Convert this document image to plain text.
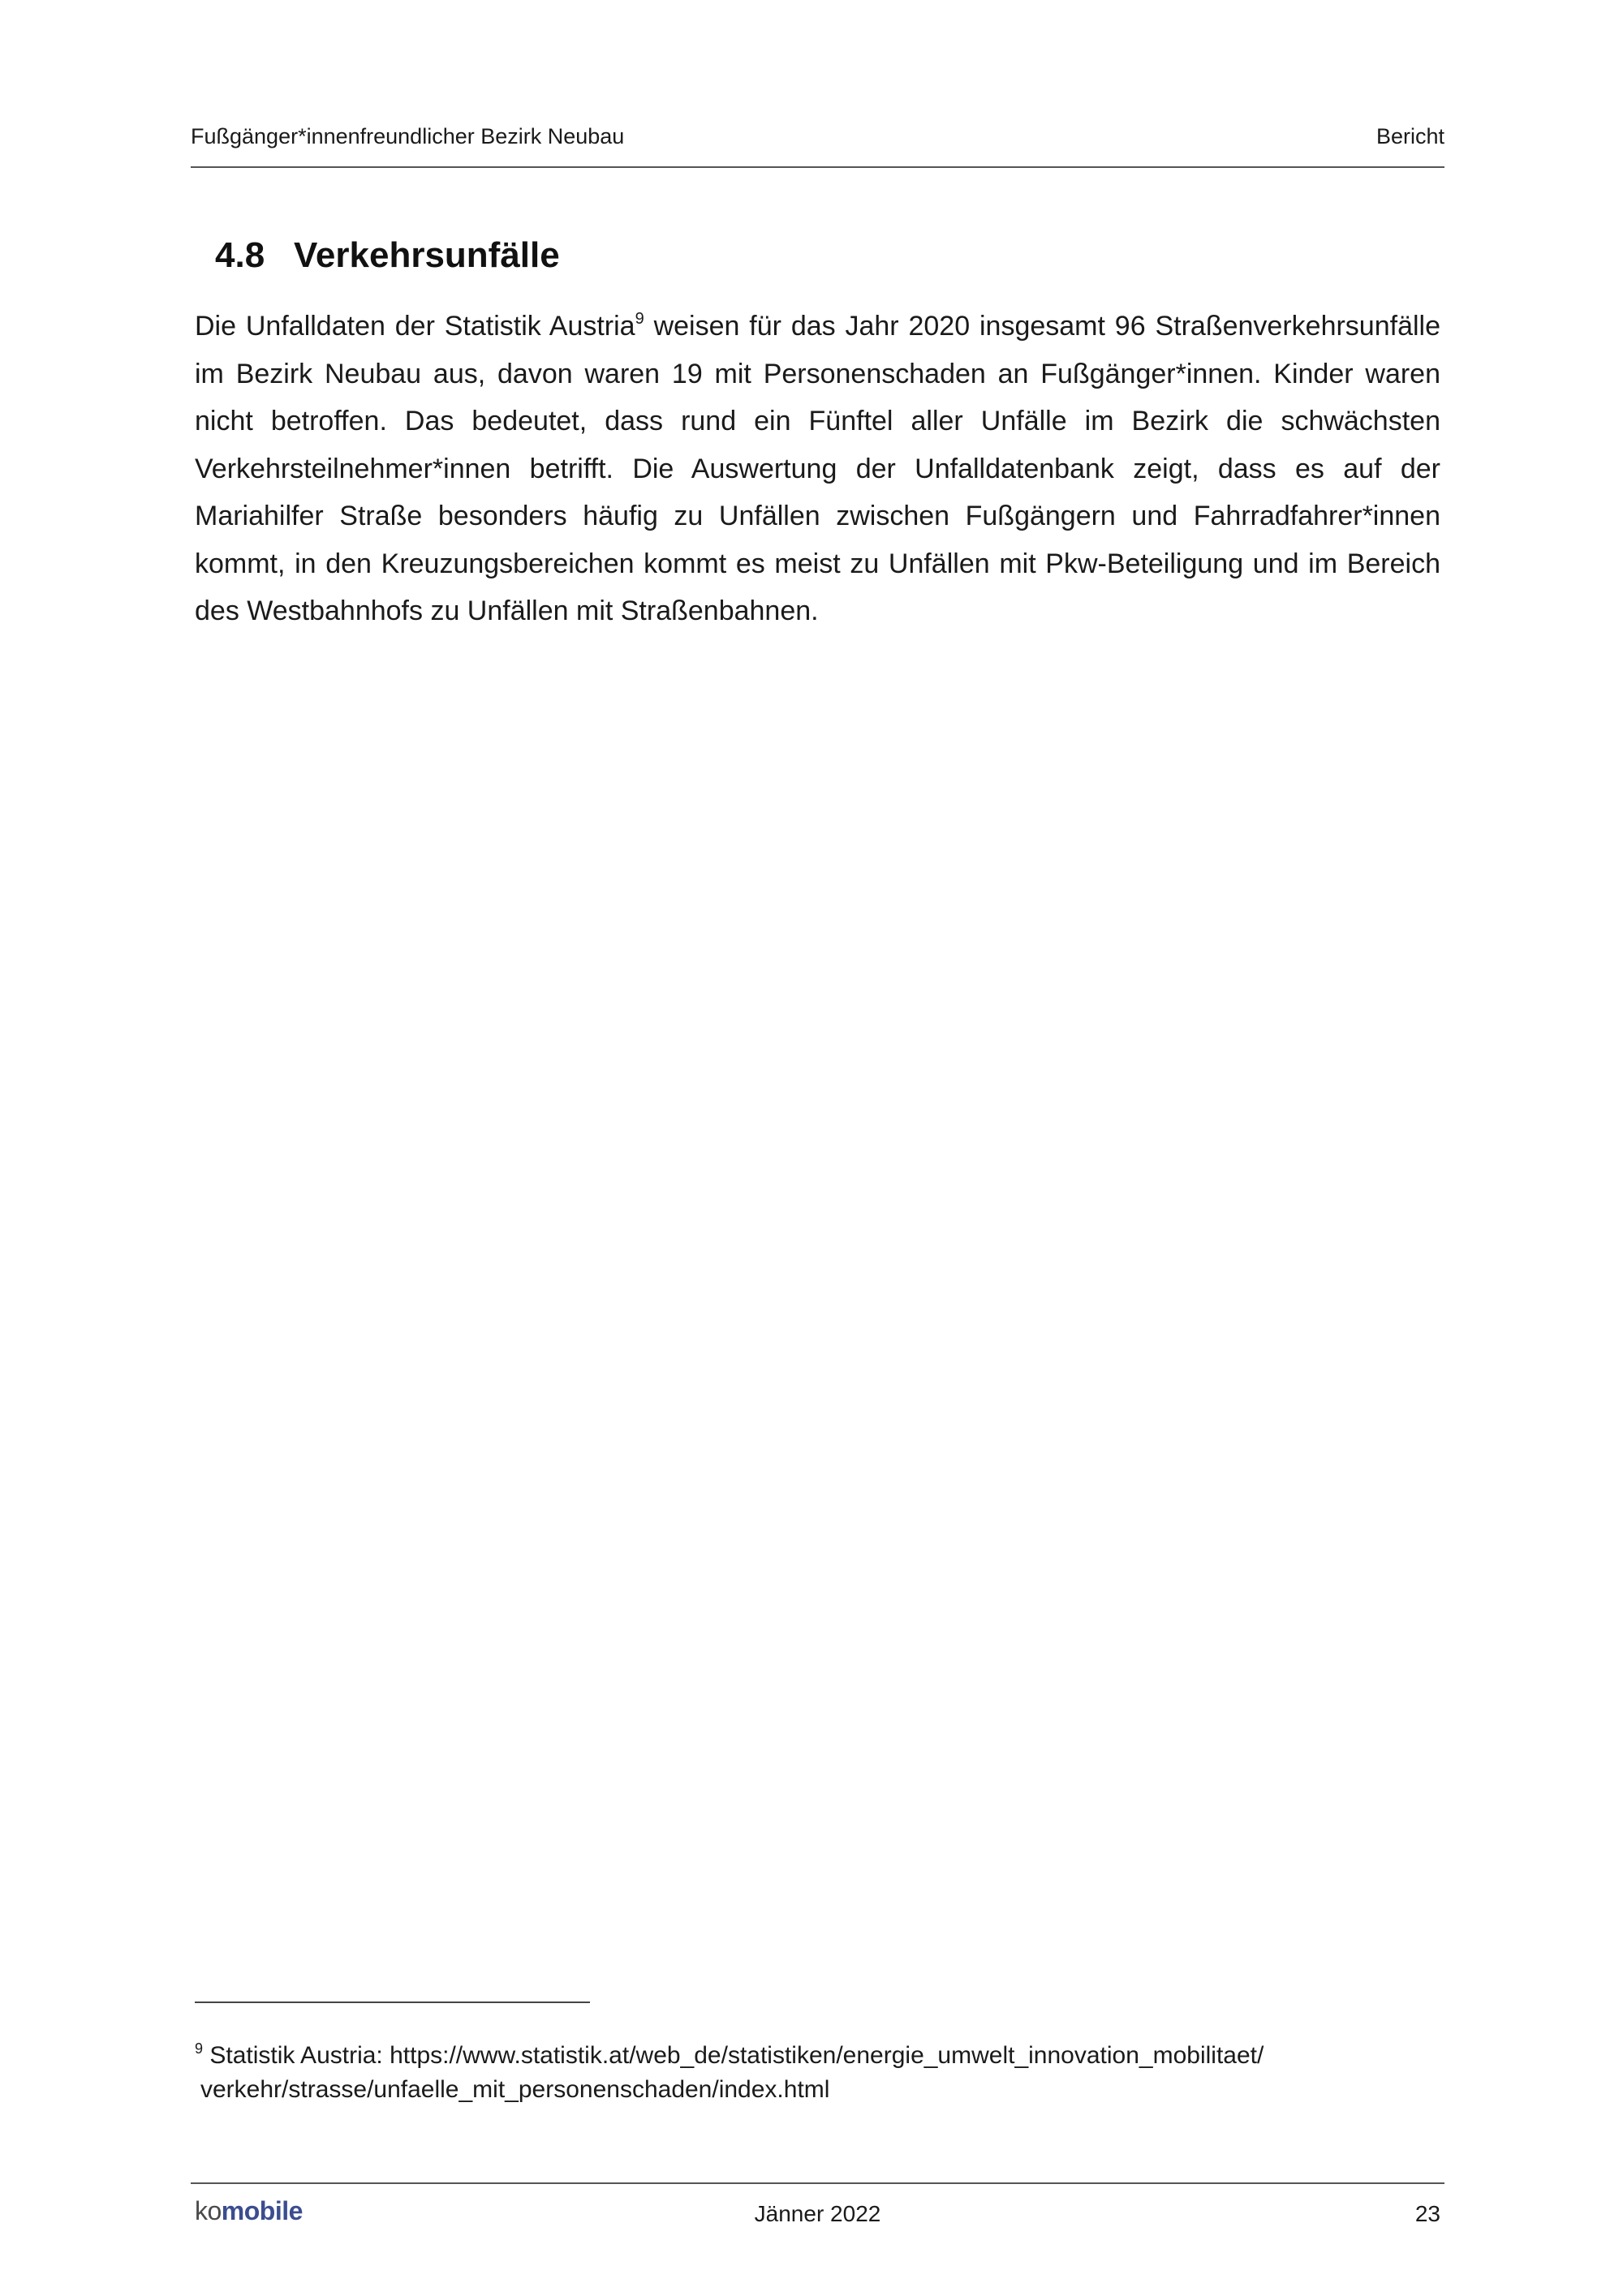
Fußgänger*innenfreundlicher Bezirk Neubau	Bericht
4.8 Verkehrsunfälle

Die Unfalldaten der Statistik Austria$^9$ weisen für das Jahr 2020 insgesamt 96 Straßenverkehrsunfälle im Bezirk Neubau aus, davon waren 19 mit Personenschaden an Fußgänger*innen. Kinder waren nicht betroffen. Das bedeutet, dass rund ein Fünftel aller Unfälle im Bezirk die schwächsten Verkehrsteilnehmer*innen betrifft. Die Auswertung der Unfalldatenbank zeigt, dass es auf der Mariahilfer Straße besonders häufig zu Unfällen zwischen Fußgängern und Fahrradfahrer*innen kommt, in den Kreuzungsbereichen kommt es meist zu Unfällen mit Pkw-Beteiligung und im Bereich des Westbahnhofs zu Unfällen mit Straßenbahnen.

$^9$ Statistik Austria: https://www.statistik.at/web_de/statistiken/energie_umwelt_innovation_mobilitaet/
verkehr/strasse/unfaelle_mit_personenschaden/index.html
komobile	Jänner 2022	23
